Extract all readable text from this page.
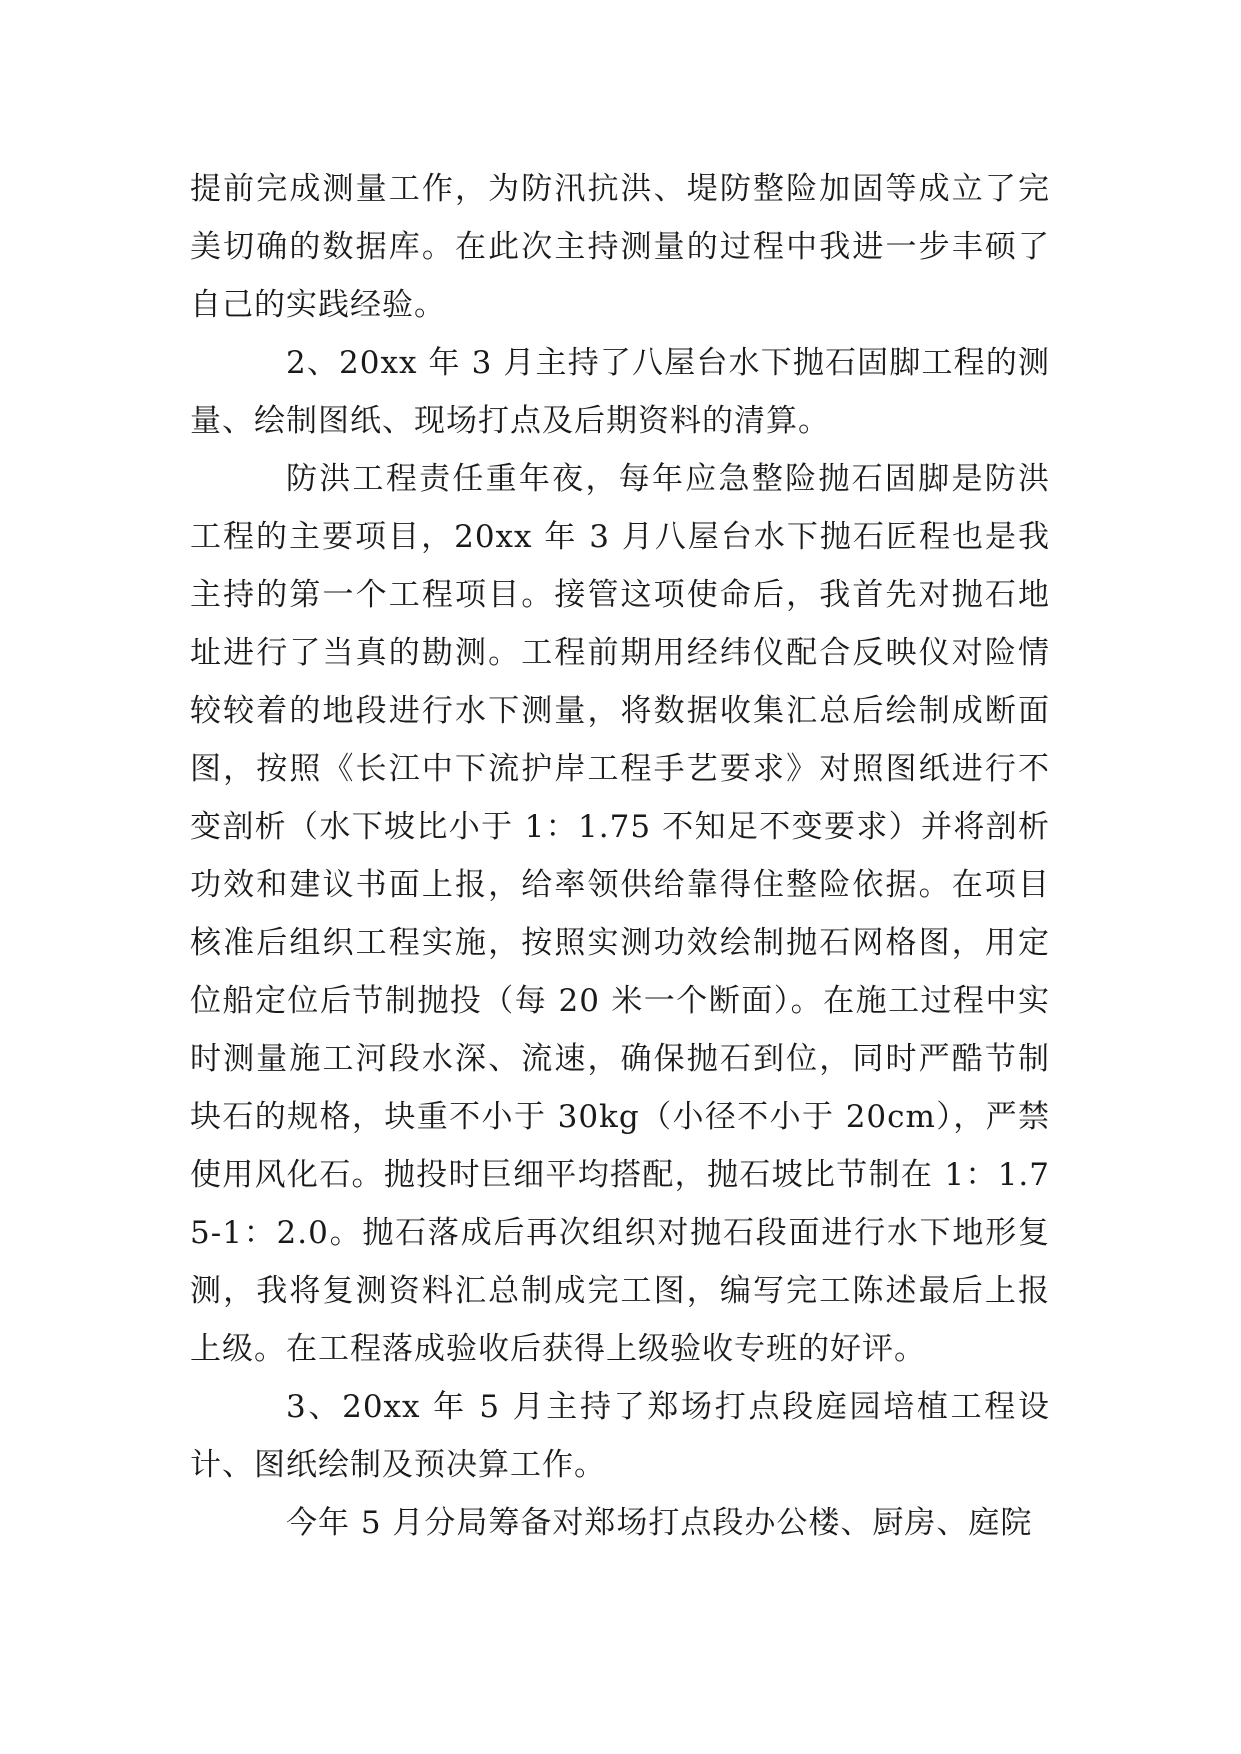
提前完成测量工作，为防汛抗洪、堤防整险加固等成立了完美切确的数据库。在此次主持测量的过程中我进一步丰硕了自己的实践经验。

2、20xx 年 3 月主持了八屋台水下抛石固脚工程的测量、绘制图纸、现场打点及后期资料的清算。

防洪工程责任重年夜，每年应急整险抛石固脚是防洪工程的主要项目，20xx 年 3 月八屋台水下抛石匠程也是我主持的第一个工程项目。接管这项使命后，我首先对抛石地址进行了当真的勘测。工程前期用经纬仪配合反映仪对险情较较着的地段进行水下测量，将数据收集汇总后绘制成断面图，按照《长江中下流护岸工程手艺要求》对照图纸进行不变剖析（水下坡比小于 1：1.75 不知足不变要求）并将剖析功效和建议书面上报，给率领供给靠得住整险依据。在项目核准后组织工程实施，按照实测功效绘制抛石网格图，用定位船定位后节制抛投（每 20 米一个断面）。在施工过程中实时测量施工河段水深、流速，确保抛石到位，同时严酷节制块石的规格，块重不小于 30kg（小径不小于 20cm），严禁使用风化石。抛投时巨细平均搭配，抛石坡比节制在 1：1.75-1：2.0。抛石落成后再次组织对抛石段面进行水下地形复测，我将复测资料汇总制成完工图，编写完工陈述最后上报上级。在工程落成验收后获得上级验收专班的好评。

3、20xx 年 5 月主持了郑场打点段庭园培植工程设计、图纸绘制及预决算工作。

今年 5 月分局筹备对郑场打点段办公楼、厨房、庭院
